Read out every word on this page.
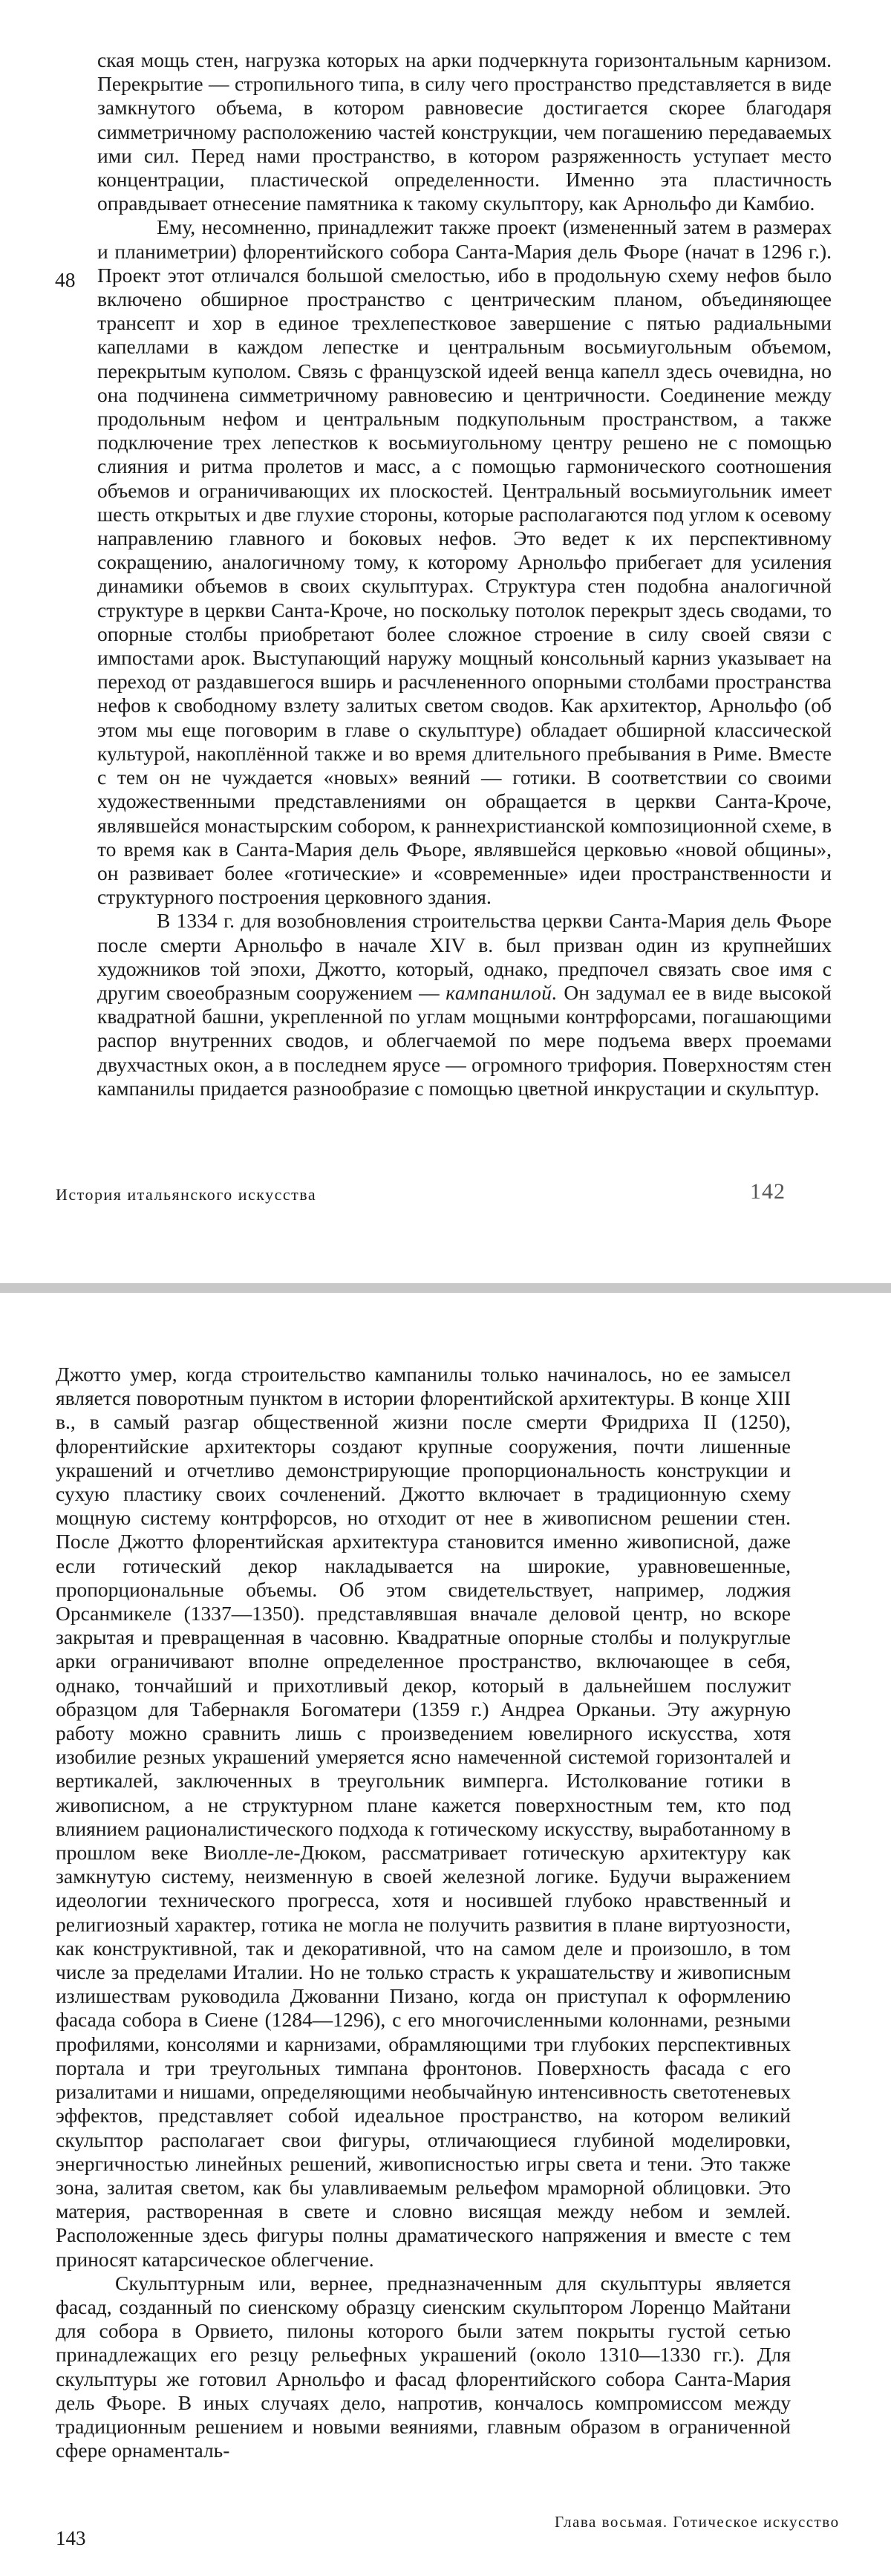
ская мощь стен, нагрузка которых на арки подчеркнута горизонтальным карнизом. Перекрытие — стропильного типа, в силу чего пространство представляется в виде замкнутого объема, в котором равновесие достигается скорее благодаря симметричному расположению частей конструкции, чем погашению передаваемых ими сил. Перед нами пространство, в котором разряженность уступает место концентрации, пластической определенности. Именно эта пластичность оправдывает отнесение памятника к такому скульптору, как Арнольфо ди Камбио.

Ему, несомненно, принадлежит также проект (измененный затем в размерах и планиметрии) флорентийского собора Санта-Мария дель Фьоре (начат в 1296 г.). Проект этот отличался большой смелостью, ибо в продольную схему нефов было включено обширное пространство с центрическим планом, объединяющее трансепт и хор в единое трехлепестковое завершение с пятью радиальными капеллами в каждом лепестке и центральным восьмиугольным объемом, перекрытым куполом. Связь с французской идеей венца капелл здесь очевидна, но она подчинена симметричному равновесию и центричности. Соединение между продольным нефом и центральным подкупольным пространством, а также подключение трех лепестков к восьмиугольному центру решено не с помощью слияния и ритма пролетов и масс, а с помощью гармонического соотношения объемов и ограничивающих их плоскостей. Центральный восьмиугольник имеет шесть открытых и две глухие стороны, которые располагаются под углом к осевому направлению главного и боковых нефов. Это ведет к их перспективному сокращению, аналогичному тому, к которому Арнольфо прибегает для усиления динамики объемов в своих скульптурах. Структура стен подобна аналогичной структуре в церкви Санта-Кроче, но поскольку потолок перекрыт здесь сводами, то опорные столбы приобретают более сложное строение в силу своей связи с импостами арок. Выступающий наружу мощный консольный карниз указывает на переход от раздавшегося вширь и расчлененного опорными столбами пространства нефов к свободному взлету залитых светом сводов. Как архитектор, Арнольфо (об этом мы еще поговорим в главе о скульптуре) обладает обширной классической культурой, накоплённой также и во время длительного пребывания в Риме. Вместе с тем он не чуждается «новых» веяний — готики. В соответствии со своими художественными представлениями он обращается в церкви Санта-Кроче, являвшейся монастырским собором, к раннехристианской композиционной схеме, в то время как в Санта-Мария дель Фьоре, являвшейся церковью «новой общины», он развивает более «готические» и «современные» идеи пространственности и структурного построения церковного здания.

В 1334 г. для возобновления строительства церкви Санта-Мария дель Фьоре после смерти Арнольфо в начале XIV в. был призван один из крупнейших художников той эпохи, Джотто, который, однако, предпочел связать свое имя с другим своеобразным сооружением — кампанилой. Он задумал ее в виде высокой квадратной башни, укрепленной по углам мощными контрфорсами, погашающими распор внутренних сводов, и облегчаемой по мере подъема вверх проемами двухчастных окон, а в последнем ярусе — огромного трифория. Поверхностям стен кампанилы придается разнообразие с помощью цветной инкрустации и скульптур.

48
История итальянского искусства	142

Джотто умер, когда строительство кампанилы только начиналось, но ее замысел является поворотным пунктом в истории флорентийской архитектуры. В конце XIII в., в самый разгар общественной жизни после смерти Фридриха II (1250), флорентийские архитекторы создают крупные сооружения, почти лишенные украшений и отчетливо демонстрирующие пропорциональность конструкции и сухую пластику своих сочленений. Джотто включает в традиционную схему мощную систему контрфорсов, но отходит от нее в живописном решении стен. После Джотто флорентийская архитектура становится именно живописной, даже если готический декор накладывается на широкие, уравновешенные, пропорциональные объемы. Об этом свидетельствует, например, лоджия Орсанмикеле (1337—1350). представлявшая вначале деловой центр, но вскоре закрытая и превращенная в часовню. Квадратные опорные столбы и полукруглые арки ограничивают вполне определенное пространство, включающее в себя, однако, тончайший и прихотливый декор, который в дальнейшем послужит образцом для Табернакля Богоматери (1359 г.) Андреа Орканьи. Эту ажурную работу можно сравнить лишь с произведением ювелирного искусства, хотя изобилие резных украшений умеряется ясно намеченной системой горизонталей и вертикалей, заключенных в треугольник вимперга. Истолкование готики в живописном, а не структурном плане кажется поверхностным тем, кто под влиянием рационалистического подхода к готическому искусству, выработанному в прошлом веке Виолле-ле-Дюком, рассматривает готическую архитектуру как замкнутую систему, неизменную в своей железной логике. Будучи выражением идеологии технического прогресса, хотя и носившей глубоко нравственный и религиозный характер, готика не могла не получить развития в плане виртуозности, как конструктивной, так и декоративной, что на самом деле и произошло, в том числе за пределами Италии. Но не только страсть к украшательству и живописным излишествам руководила Джованни Пизано, когда он приступал к оформлению фасада собора в Сиене (1284—1296), с его многочисленными колоннами, резными профилями, консолями и карнизами, обрамляющими три глубоких перспективных портала и три треугольных тимпана фронтонов. Поверхность фасада с его ризалитами и нишами, определяющими необычайную интенсивность светотеневых эффектов, представляет собой идеальное пространство, на котором великий скульптор располагает свои фигуры, отличающиеся глубиной моделировки, энергичностью линейных решений, живописностью игры света и тени. Это также зона, залитая светом, как бы улавливаемым рельефом мраморной облицовки. Это материя, растворенная в свете и словно висящая между небом и землей. Расположенные здесь фигуры полны драматического напряжения и вместе с тем приносят катарсическое облегчение.

Скульптурным или, вернее, предназначенным для скульптуры является фасад, созданный по сиенскому образцу сиенским скульптором Лоренцо Майтани для собора в Орвието, пилоны которого были затем покрыты густой сетью принадлежащих его резцу рельефных украшений (около 1310—1330 гг.). Для скульптуры же готовил Арнольфо и фасад флорентийского собора Санта-Мария дель Фьоре. В иных случаях дело, напротив, кончалось компромиссом между традиционным решением и новыми веяниями, главным образом в ограниченной сфере орнаменталь-

143
Глава восьмая. Готическое искусство
